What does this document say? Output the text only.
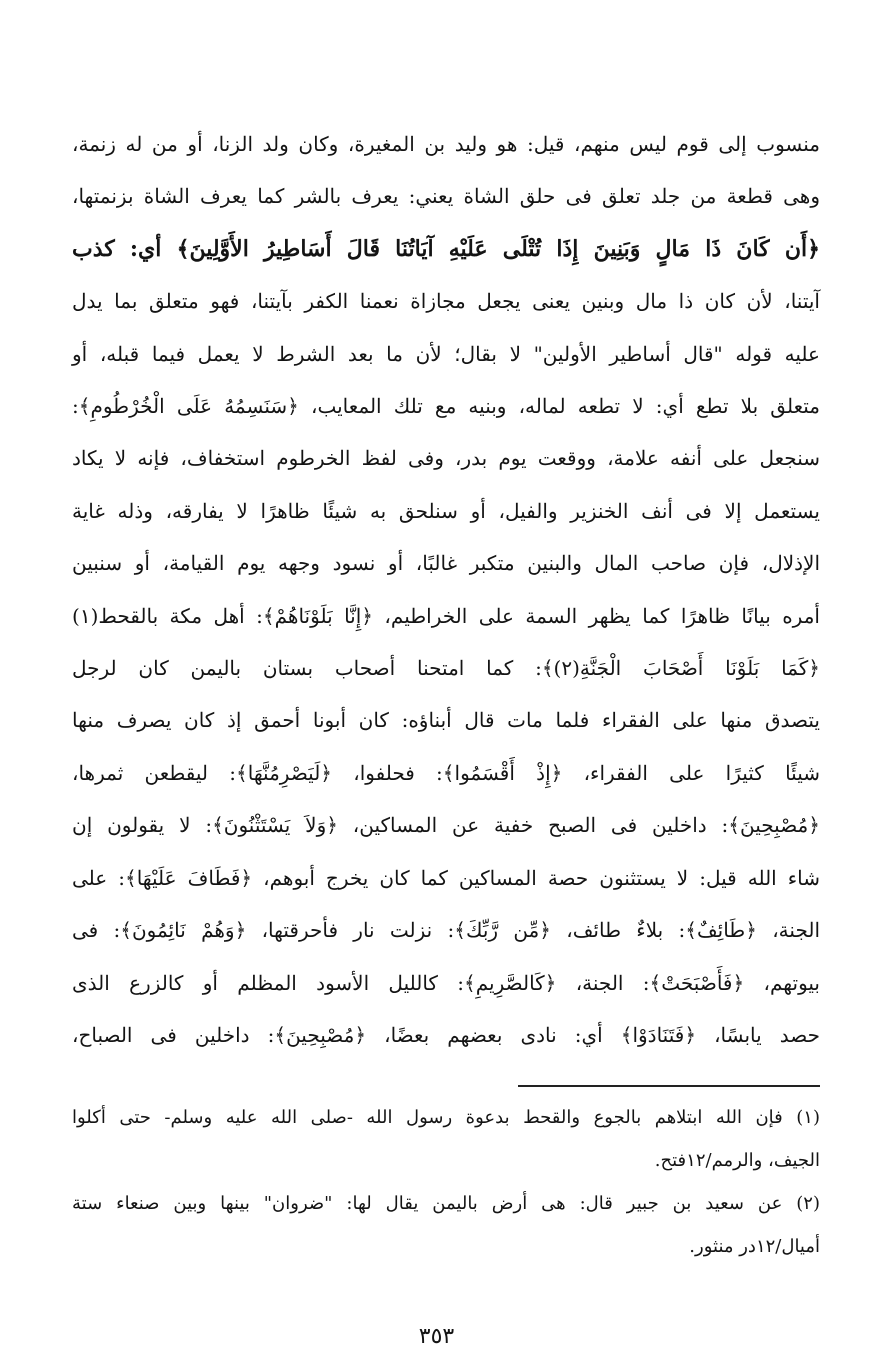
منسوب إلى قوم ليس منهم، قيل: هو وليد بن المغيرة، وكان ولد الزنا، أو من له زنمة،

وهى قطعة من جلد تعلق فى حلق الشاة يعني: يعرف بالشر كما يعرف الشاة بزنمتها،

﴿أَن كَانَ ذَا مَالٍ وَبَنِينَ إِذَا تُتْلَى عَلَيْهِ آيَاتُنَا قَالَ أَسَاطِيرُ الأَوَّلِينَ﴾ أي: كذب

آيتنا، لأن كان ذا مال وبنين يعنى يجعل مجازاة نعمنا الكفر بآيتنا، فهو متعلق بما يدل

عليه قوله "قال أساطير الأولين" لا بقال؛ لأن ما بعد الشرط لا يعمل فيما قبله، أو

متعلق بلا تطع أي: لا تطعه لماله، وبنيه مع تلك المعايب، ﴿سَنَسِمُهُ عَلَى الْخُرْطُومِ﴾:

سنجعل على أنفه علامة، ووقعت يوم بدر، وفى لفظ الخرطوم استخفاف، فإنه لا يكاد

يستعمل إلا فى أنف الخنزير والفيل، أو سنلحق به شيئًا ظاهرًا لا يفارقه، وذله غاية

الإذلال، فإن صاحب المال والبنين متكبر غالبًا، أو نسود وجهه يوم القيامة، أو سنبين

أمره بيانًا ظاهرًا كما يظهر السمة على الخراطيم، ﴿إِنَّا بَلَوْنَاهُمْ﴾: أهل مكة بالقحط(١)

﴿كَمَا بَلَوْنَا أَصْحَابَ الْجَنَّةِ(٢)﴾: كما امتحنا أصحاب بستان باليمن كان لرجل

يتصدق منها على الفقراء فلما مات قال أبناؤه: كان أبونا أحمق إذ كان يصرف منها

شيئًا كثيرًا على الفقراء، ﴿إِذْ أَقْسَمُوا﴾: فحلفوا، ﴿لَيَصْرِمُنَّهَا﴾: ليقطعن ثمرها،

﴿مُصْبِحِينَ﴾: داخلين فى الصبح خفية عن المساكين، ﴿وَلاَ يَسْتَثْنُونَ﴾: لا يقولون إن

شاء الله قيل: لا يستثنون حصة المساكين كما كان يخرج أبوهم، ﴿فَطَافَ عَلَيْهَا﴾: على

الجنة، ﴿طَائِفٌ﴾: بلاءٌ طائف، ﴿مِّن رَّبِّكَ﴾: نزلت نار فأحرقتها، ﴿وَهُمْ نَائِمُونَ﴾: فى

بيوتهم، ﴿فَأَصْبَحَتْ﴾: الجنة، ﴿كَالصَّرِيمِ﴾: كالليل الأسود المظلم أو كالزرع الذى

حصد يابسًا، ﴿فَتَنَادَوْا﴾ أي: نادى بعضهم بعضًا، ﴿مُصْبِحِينَ﴾: داخلين فى الصباح،

(١) فإن الله ابتلاهم بالجوع والقحط بدعوة رسول الله -صلى الله عليه وسلم- حتى أكلوا
الجيف، والرمم/١٢فتح.
(٢) عن سعيد بن جبير قال: هى أرض باليمن يقال لها: "ضروان" بينها وبين صنعاء ستة
أميال/١٢در منثور.
٣٥٣
